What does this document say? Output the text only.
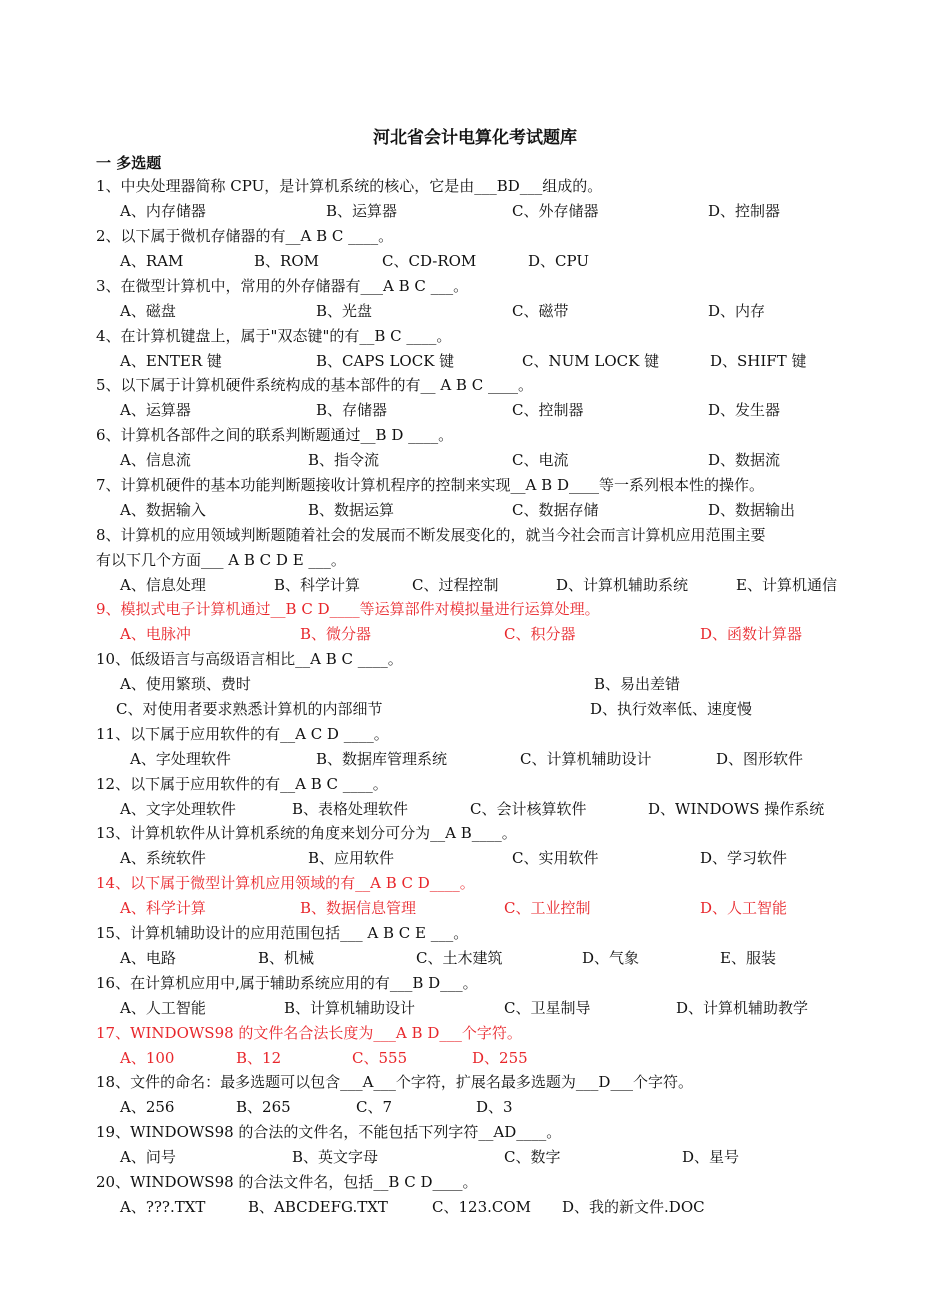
河北省会计电算化考试题库
一 多选题
1、中央处理器简称 CPU，是计算机系统的核心，它是由___BD___组成的。
A、内存储器	B、运算器	C、外存储器	D、控制器
2、以下属于微机存储器的有__A B C ____。
A、RAM	B、ROM	C、CD-ROM	D、CPU
3、在微型计算机中，常用的外存储器有___A B C ___。
A、磁盘	B、光盘	C、磁带	D、内存
4、在计算机键盘上，属于"双态键"的有__B C ____。
A、ENTER 键	B、CAPS LOCK 键	C、NUM LOCK 键	D、SHIFT 键
5、以下属于计算机硬件系统构成的基本部件的有__ A B C ____。
A、运算器	B、存储器	C、控制器	D、发生器
6、计算机各部件之间的联系判断题通过__B D ____。
A、信息流	B、指令流	C、电流	D、数据流
7、计算机硬件的基本功能判断题接收计算机程序的控制来实现__A B D____等一系列根本性的操作。
A、数据输入	B、数据运算	C、数据存储	D、数据输出
8、计算机的应用领域判断题随着社会的发展而不断发展变化的，就当今社会而言计算机应用范围主要
有以下几个方面___ A B C D E ___。
A、信息处理	B、科学计算	C、过程控制	D、计算机辅助系统	E、计算机通信
9、模拟式电子计算机通过__B C D____等运算部件对模拟量进行运算处理。
A、电脉冲	B、微分器	C、积分器	D、函数计算器
10、低级语言与高级语言相比__A B C ____。
A、使用繁琐、费时	B、易出差错
C、对使用者要求熟悉计算机的内部细节	D、执行效率低、速度慢
11、以下属于应用软件的有__A C D ____。
A、字处理软件	B、数据库管理系统	C、计算机辅助设计	D、图形软件
12、以下属于应用软件的有__A B C ____。
A、文字处理软件	B、表格处理软件	C、会计核算软件	D、WINDOWS 操作系统
13、计算机软件从计算机系统的角度来划分可分为__A B____。
A、系统软件	B、应用软件	C、实用软件	D、学习软件
14、以下属于微型计算机应用领域的有__A B C D____。
A、科学计算	B、数据信息管理	C、工业控制	D、人工智能
15、计算机辅助设计的应用范围包括___ A B C E ___。
A、电路	B、机械	C、土木建筑	D、气象	E、服装
16、在计算机应用中,属于辅助系统应用的有___B D___。
A、人工智能	B、计算机辅助设计	C、卫星制导	D、计算机辅助教学
17、WINDOWS98 的文件名合法长度为___A B D___个字符。
A、100	B、12	C、555	D、255
18、文件的命名：最多选题可以包含___A___个字符，扩展名最多选题为___D___个字符。
A、256	B、265	C、7	D、3
19、WINDOWS98 的合法的文件名，不能包括下列字符__AD____。
A、问号	B、英文字母	C、数字	D、星号
20、WINDOWS98 的合法文件名，包括__B C D____。
A、???.TXT	B、ABCDEFG.TXT	C、123.COM D、我的新文件.DOC
